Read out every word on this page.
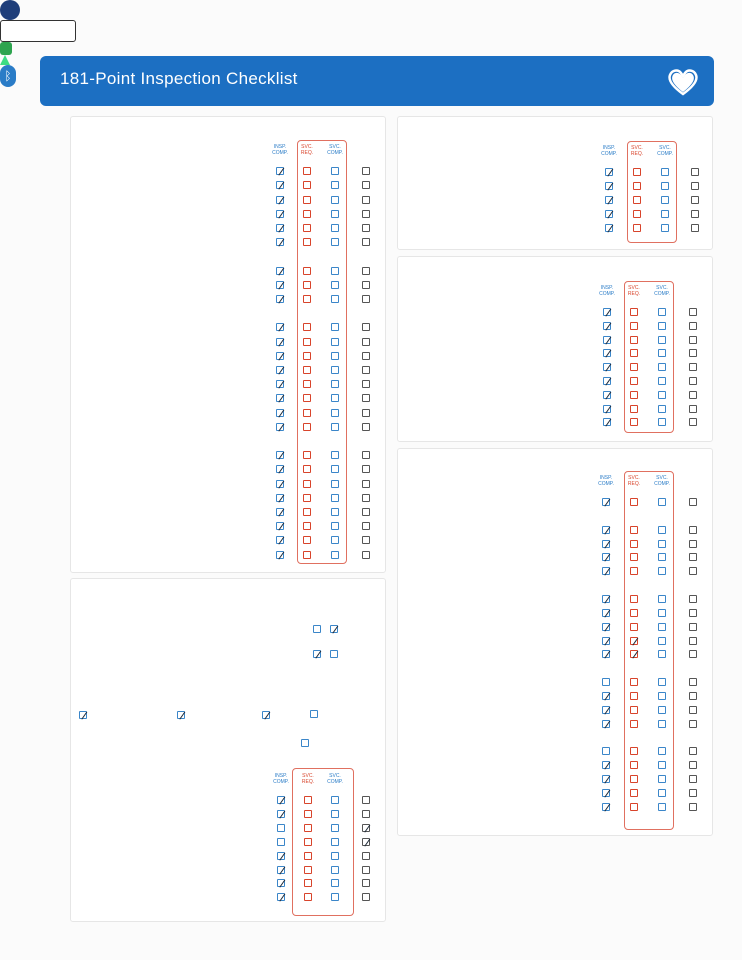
181-Point Inspection Checklist
INSP.
COMP.
SVC.
REQ.
SVC.
COMP.
INSP.
COMP.
SVC.
REQ.
SVC.
COMP.
INSP.
COMP.
SVC.
REQ.
SVC.
COMP.
INSP.
COMP.
SVC.
REQ.
SVC.
COMP.
ᛒ
INSP.
COMP.
SVC.
REQ.
SVC.
COMP.
